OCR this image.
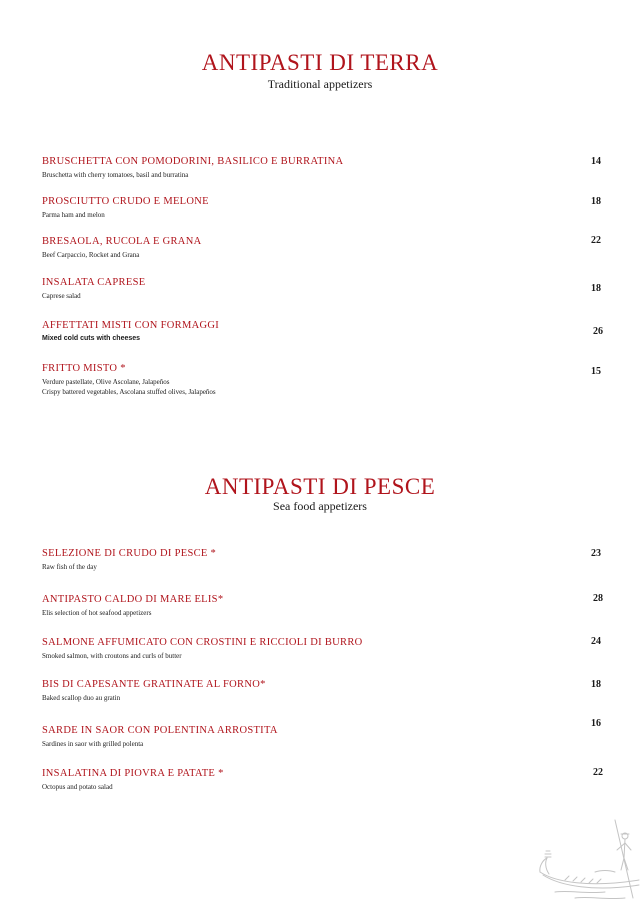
ANTIPASTI DI TERRA
Traditional appetizers
BRUSCHETTA CON POMODORINI, BASILICO E BURRATINA
Bruschetta with cherry tomatoes, basil and burratina
14
PROSCIUTTO CRUDO E MELONE
Parma ham and melon
18
BRESAOLA, RUCOLA E GRANA
Beef Carpaccio, Rocket and Grana
22
INSALATA CAPRESE
Caprese salad
18
AFFETTATI MISTI CON FORMAGGI
Mixed cold cuts with cheeses
26
FRITTO MISTO *
Verdure pastellate, Olive Ascolane, Jalapeños
Crispy battered vegetables, Ascolana stuffed olives, Jalapeños
15
ANTIPASTI DI PESCE
Sea food appetizers
SELEZIONE DI CRUDO DI PESCE *
Raw fish of the day
23
ANTIPASTO CALDO DI MARE ELIS*
Elis selection of hot seafood appetizers
28
SALMONE AFFUMICATO CON CROSTINI E RICCIOLI DI BURRO
Smoked salmon, with croutons and curls of butter
24
BIS DI CAPESANTE GRATINATE AL FORNO*
Baked scallop duo au gratin
18
SARDE IN SAOR CON POLENTINA ARROSTITA
Sardines in saor with grilled polenta
16
INSALATINA DI PIOVRA E PATATE *
Octopus and potato salad
22
